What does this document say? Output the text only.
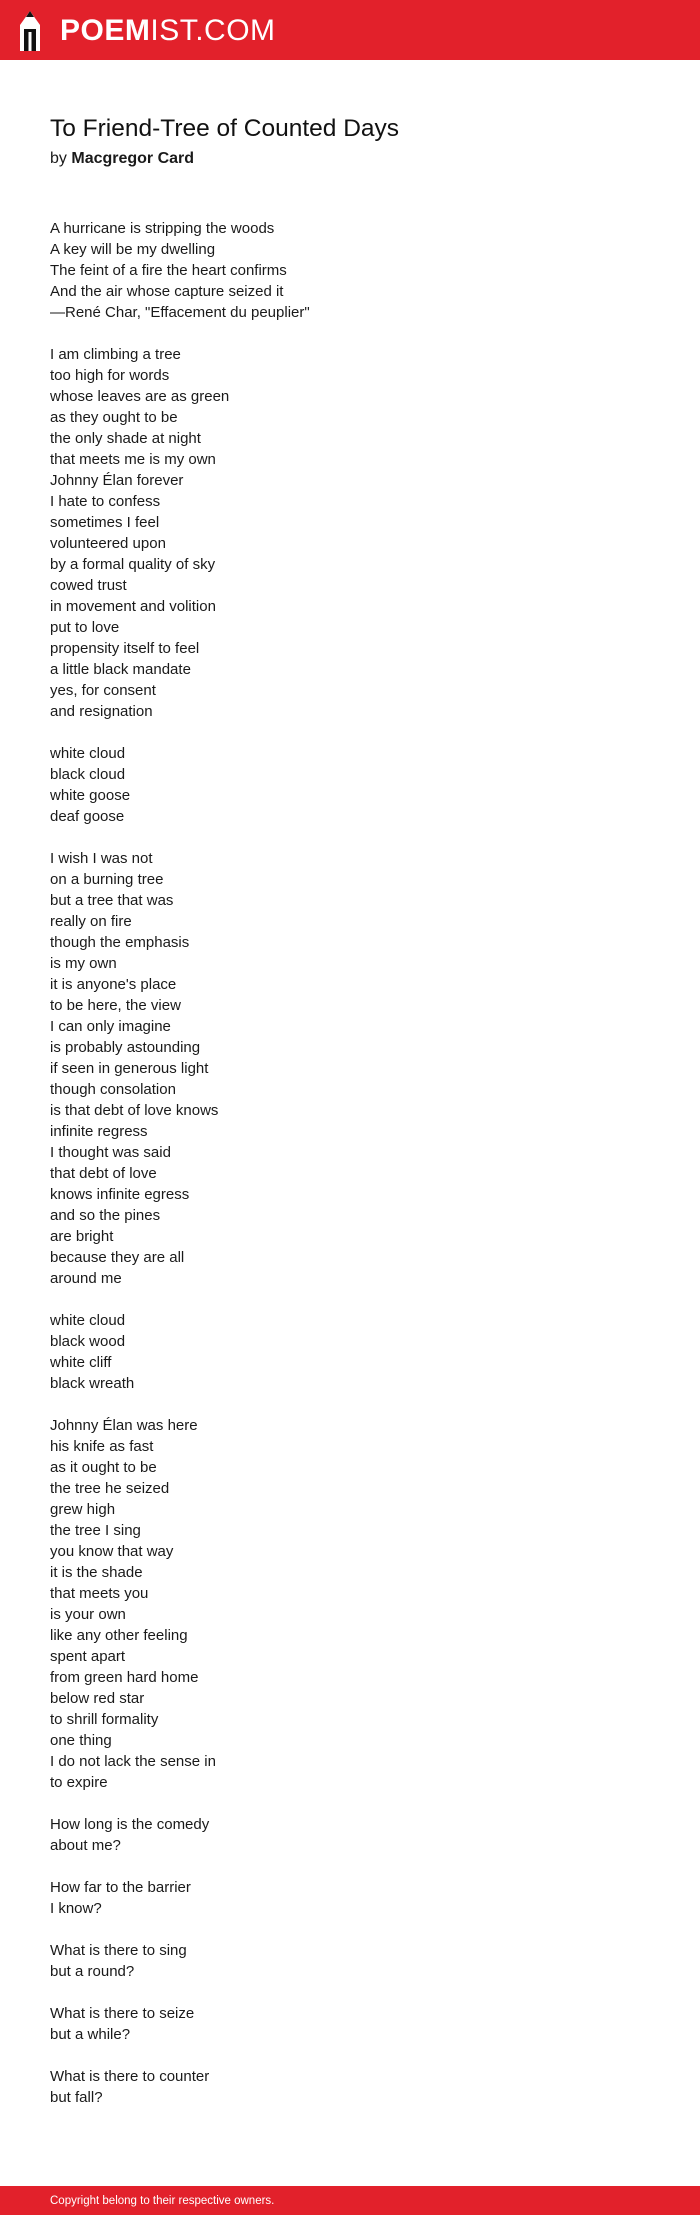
POEMIST.COM
To Friend-Tree of Counted Days

by Macgregor Card

A hurricane is stripping the woods
A key will be my dwelling
The feint of a fire the heart confirms
And the air whose capture seized it
—René Char, "Effacement du peuplier"
I am climbing a tree
too high for words
whose leaves are as green
as they ought to be
the only shade at night
that meets me is my own
Johnny Élan forever
I hate to confess
sometimes I feel
volunteered upon
by a formal quality of sky
cowed trust
in movement and volition
put to love
propensity itself to feel
a little black mandate
yes, for consent
and resignation
white cloud
black cloud
white goose
deaf goose
I wish I was not
on a burning tree
but a tree that was
really on fire
though the emphasis
is my own
it is anyone's place
to be here, the view
I can only imagine
is probably astounding
if seen in generous light
though consolation
is that debt of love knows
infinite regress
I thought was said
that debt of love
knows infinite egress
and so the pines
are bright
because they are all
around me
white cloud
black wood
white cliff
black wreath
Johnny Élan was here
his knife as fast
as it ought to be
the tree he seized
grew high
the tree I sing
you know that way
it is the shade
that meets you
is your own
like any other feeling
spent apart
from green hard home
below red star
to shrill formality
one thing
I do not lack the sense in
to expire
How long is the comedy
about me?
How far to the barrier
I know?
What is there to sing
but a round?
What is there to seize
but a while?
What is there to counter
but fall?
Copyright belong to their respective owners.
